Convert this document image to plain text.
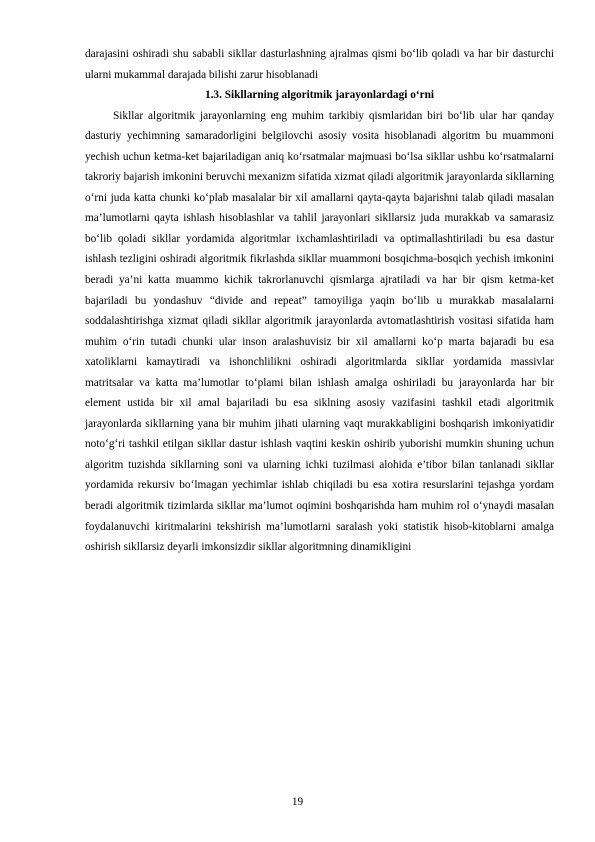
darajasini oshiradi shu sababli sikllar dasturlashning ajralmas qismi bo‘lib qoladi va har bir dasturchi ularni mukammal darajada bilishi zarur hisoblanadi

1.3. Sikllarning algoritmik jarayonlardagi o‘rni

Sikllar algoritmik jarayonlarning eng muhim tarkibiy qismlaridan biri bo‘lib ular har qanday dasturiy yechimning samaradorligini belgilovchi asosiy vosita hisoblanadi algoritm bu muammoni yechish uchun ketma-ket bajariladigan aniq ko‘rsatmalar majmuasi bo‘lsa sikllar ushbu ko‘rsatmalarni takroriy bajarish imkonini beruvchi mexanizm sifatida xizmat qiladi algoritmik jarayonlarda sikllarning o‘rni juda katta chunki ko‘plab masalalar bir xil amallarni qayta-qayta bajarishni talab qiladi masalan ma’lumotlarni qayta ishlash hisoblashlar va tahlil jarayonlari sikllarsiz juda murakkab va samarasiz bo‘lib qoladi sikllar yordamida algoritmlar ixchamlashtiriladi va optimallashtiriladi bu esa dastur ishlash tezligini oshiradi algoritmik fikrlashda sikllar muammoni bosqichma-bosqich yechish imkonini beradi ya’ni katta muammo kichik takrorlanuvchi qismlarga ajratiladi va har bir qism ketma-ket bajariladi bu yondashuv “divide and repeat” tamoyiliga yaqin bo‘lib u murakkab masalalarni soddalashtirishga xizmat qiladi sikllar algoritmik jarayonlarda avtomatlashtirish vositasi sifatida ham muhim o‘rin tutadi chunki ular inson aralashuvisiz bir xil amallarni ko‘p marta bajaradi bu esa xatoliklarni kamaytiradi va ishonchlilikni oshiradi algoritmlarda sikllar yordamida massivlar matritsalar va katta ma’lumotlar to‘plami bilan ishlash amalga oshiriladi bu jarayonlarda har bir element ustida bir xil amal bajariladi bu esa siklning asosiy vazifasini tashkil etadi algoritmik jarayonlarda sikllarning yana bir muhim jihati ularning vaqt murakkabligini boshqarish imkoniyatidir noto‘g‘ri tashkil etilgan sikllar dastur ishlash vaqtini keskin oshirib yuborishi mumkin shuning uchun algoritm tuzishda sikllarning soni va ularning ichki tuzilmasi alohida e’tibor bilan tanlanadi sikllar yordamida rekursiv bo‘lmagan yechimlar ishlab chiqiladi bu esa xotira resurslarini tejashga yordam beradi algoritmik tizimlarda sikllar ma’lumot oqimini boshqarishda ham muhim rol o‘ynaydi masalan foydalanuvchi kiritmalarini tekshirish ma’lumotlarni saralash yoki statistik hisob-kitoblarni amalga oshirish sikllarsiz deyarli imkonsizdir sikllar algoritmning dinamikligini

19
